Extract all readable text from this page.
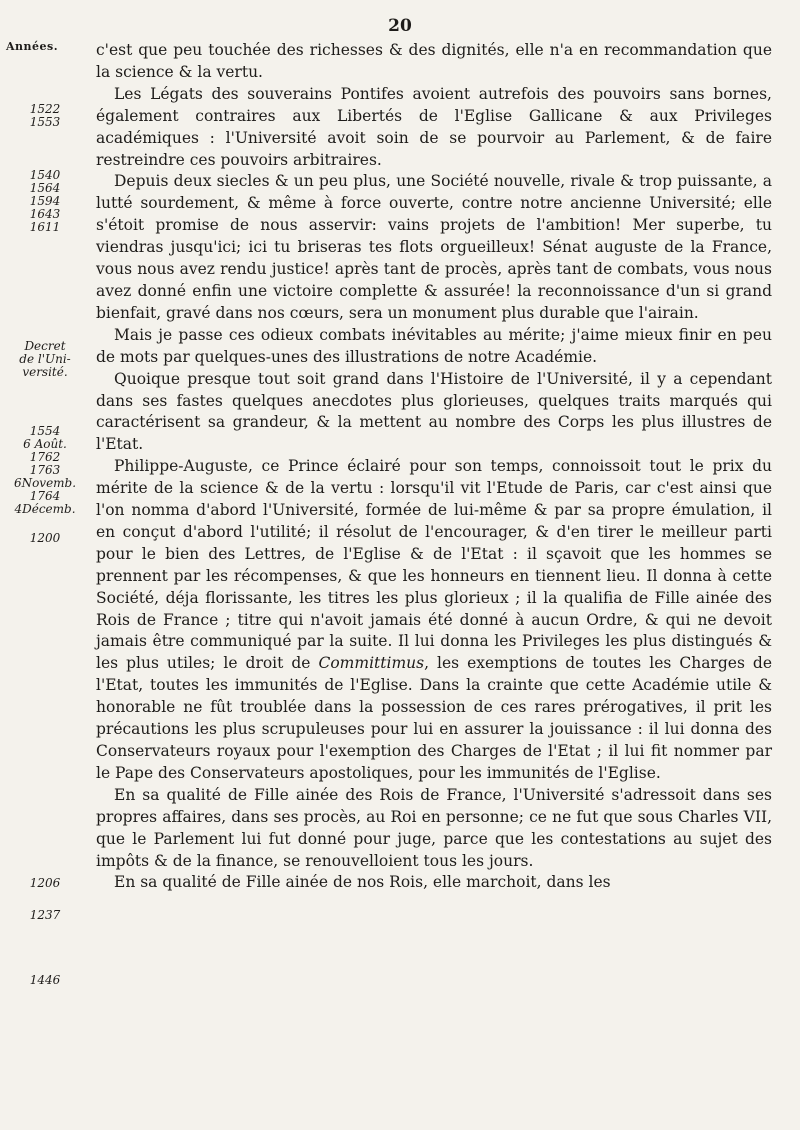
20
Années.
1522
1553
1540
1564
1594
1643
1611
Decret
de l'Uni-
versité.
1554
6 Août.
1762
1763
6Novemb.
1764
4Décemb.
1200
1206
1237
1446

c'est que peu touchée des richesses & des dignités, elle n'a en recommandation que la science & la vertu.

Les Légats des souverains Pontifes avoient autrefois des pouvoirs sans bornes, également contraires aux Libertés de l'Eglise Gallicane & aux Privileges académiques : l'Université avoit soin de se pourvoir au Parlement, & de faire restreindre ces pouvoirs arbitraires.

Depuis deux siecles & un peu plus, une Société nouvelle, rivale & trop puissante, a lutté sourdement, & même à force ouverte, contre notre ancienne Université; elle s'étoit promise de nous asservir: vains projets de l'ambition! Mer superbe, tu viendras jusqu'ici; ici tu briseras tes flots orgueilleux! Sénat auguste de la France, vous nous avez rendu justice! après tant de procès, après tant de combats, vous nous avez donné enfin une victoire complette & assurée! la reconnoissance d'un si grand bienfait, gravé dans nos cœurs, sera un monument plus durable que l'airain.

Mais je passe ces odieux combats inévitables au mérite; j'aime mieux finir en peu de mots par quelques-unes des illustrations de notre Académie.

Quoique presque tout soit grand dans l'Histoire de l'Université, il y a cependant dans ses fastes quelques anecdotes plus glorieuses, quelques traits marqués qui caractérisent sa grandeur, & la mettent au nombre des Corps les plus illustres de l'Etat.

Philippe-Auguste, ce Prince éclairé pour son temps, connoissoit tout le prix du mérite de la science & de la vertu : lorsqu'il vit l'Etude de Paris, car c'est ainsi que l'on nomma d'abord l'Université, formée de lui-même & par sa propre émulation, il en conçut d'abord l'utilité; il résolut de l'encourager, & d'en tirer le meilleur parti pour le bien des Lettres, de l'Eglise & de l'Etat : il sçavoit que les hommes se prennent par les récompenses, & que les honneurs en tiennent lieu. Il donna à cette Société, déja florissante, les titres les plus glorieux ; il la qualifia de Fille ainée des Rois de France ; titre qui n'avoit jamais été donné à aucun Ordre, & qui ne devoit jamais être communiqué par la suite. Il lui donna les Privileges les plus distingués & les plus utiles; le droit de Committimus, les exemptions de toutes les Charges de l'Etat, toutes les immunités de l'Eglise. Dans la crainte que cette Académie utile & honorable ne fût troublée dans la possession de ces rares prérogatives, il prit les précautions les plus scrupuleuses pour lui en assurer la jouissance : il lui donna des Conservateurs royaux pour l'exemption des Charges de l'Etat ; il lui fit nommer par le Pape des Conservateurs apostoliques, pour les immunités de l'Eglise.

En sa qualité de Fille ainée des Rois de France, l'Université s'adressoit dans ses propres affaires, dans ses procès, au Roi en personne; ce ne fut que sous Charles VII, que le Parlement lui fut donné pour juge, parce que les contestations au sujet des impôts & de la finance, se renouvelloient tous les jours.

En sa qualité de Fille ainée de nos Rois, elle marchoit, dans les
